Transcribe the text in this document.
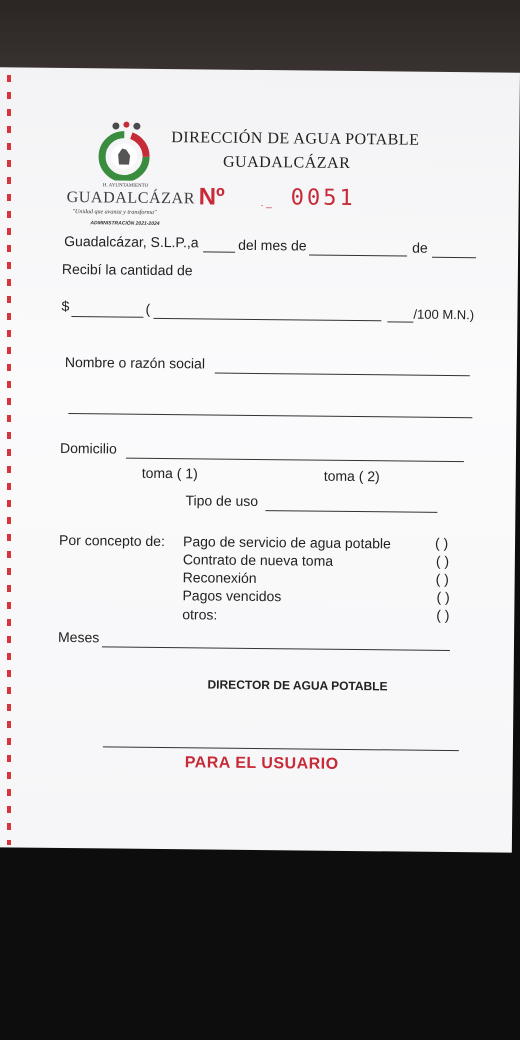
H. AYUNTAMIENTO
GUADALCÁZAR
"Unidad que avanza y transforma"
ADMINISTRACIÓN 2021-2024
DIRECCIÓN DE AGUA POTABLE
GUADALCÁZAR
Nº	. _ 0051
Guadalcázar, S.L.P.,a	del mes de	de
Recibí la cantidad de
$	(	/100 M.N.)
Nombre o razón social
Domicilio
toma ( 1)	toma ( 2)
Tipo de uso
Por concepto de: Pago de servicio de agua potable	( )
Contrato de nueva toma	( )
Reconexión	( )
Pagos vencidos	( )
otros:	( )
Meses
DIRECTOR DE AGUA POTABLE
PARA EL USUARIO
